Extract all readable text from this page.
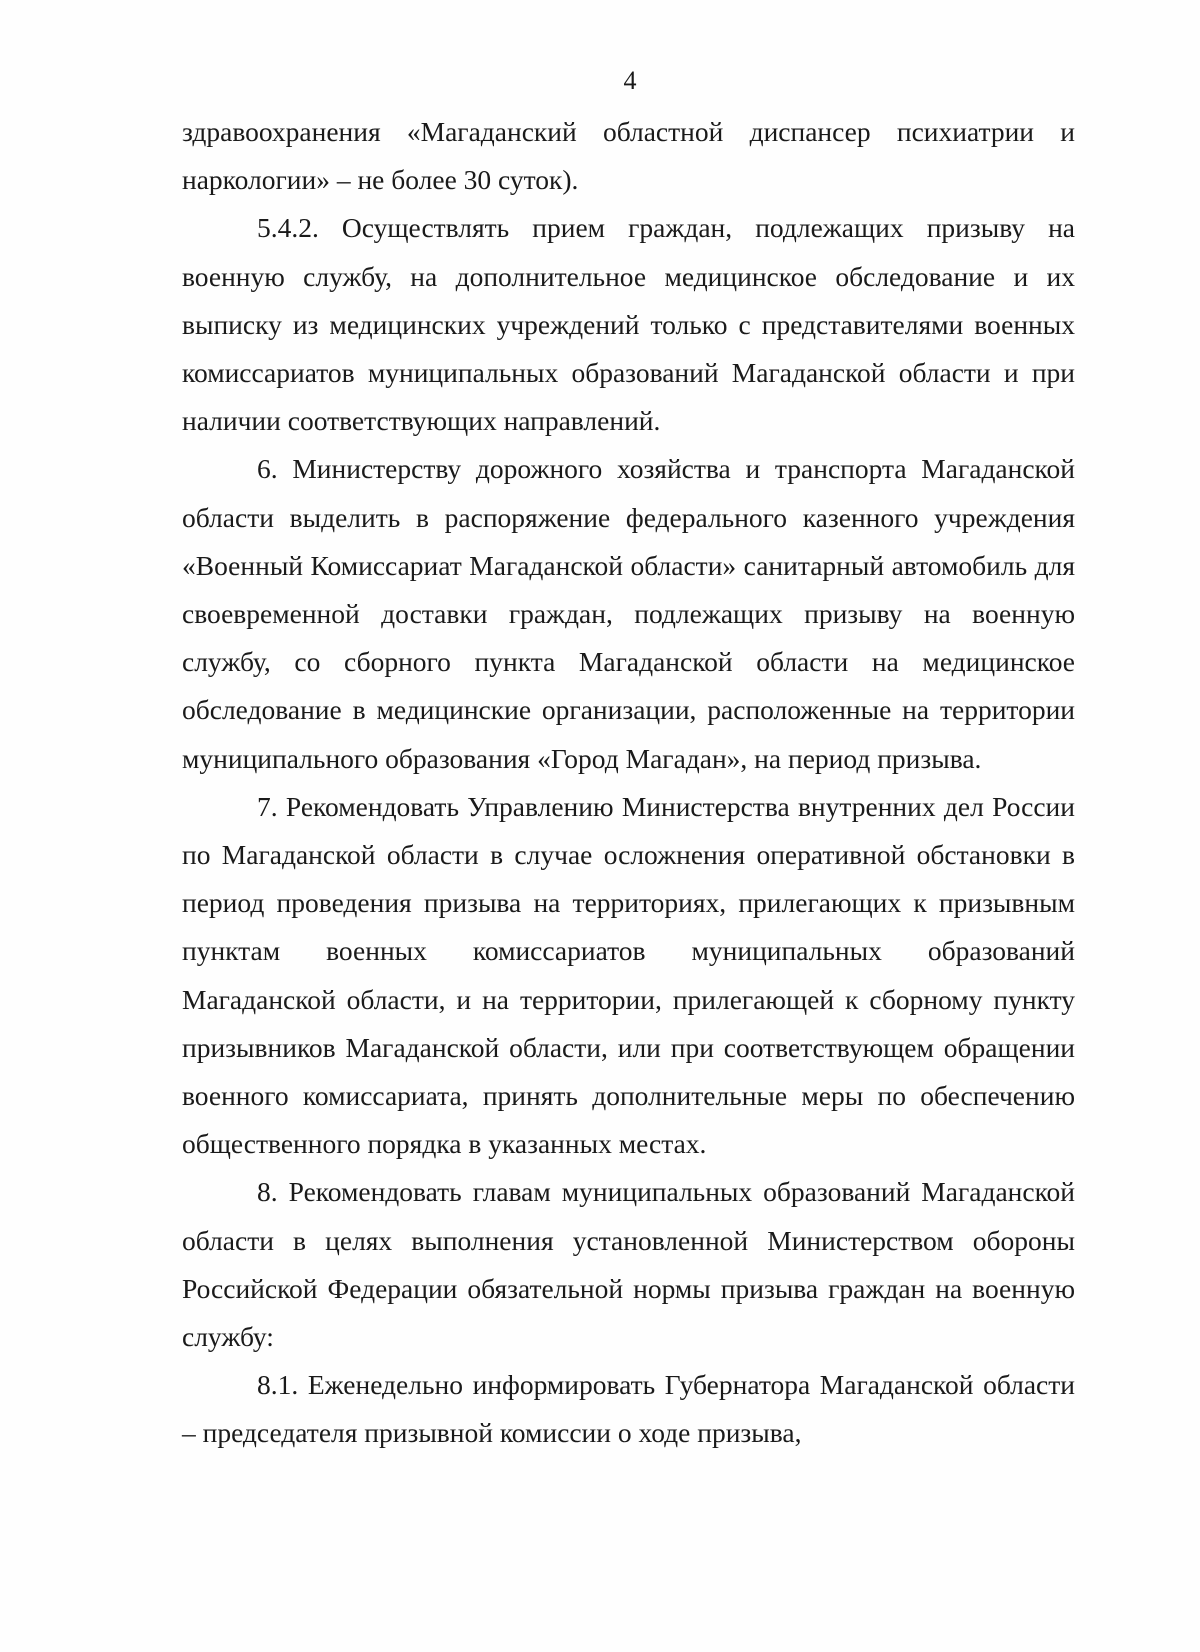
4

здравоохранения «Магаданский областной диспансер психиатрии и наркологии» – не более 30 суток).

5.4.2. Осуществлять прием граждан, подлежащих призыву на военную службу, на дополнительное медицинское обследование и их выписку из медицинских учреждений только с представителями военных комиссариатов муниципальных образований Магаданской области и при наличии соответствующих направлений.

6. Министерству дорожного хозяйства и транспорта Магаданской области выделить в распоряжение федерального казенного учреждения «Военный Комиссариат Магаданской области» санитарный автомобиль для своевременной доставки граждан, подлежащих призыву на военную службу, со сборного пункта Магаданской области на медицинское обследование в медицинские организации, расположенные на территории муниципального образования «Город Магадан», на период призыва.

7. Рекомендовать Управлению Министерства внутренних дел России по Магаданской области в случае осложнения оперативной обстановки в период проведения призыва на территориях, прилегающих к призывным пунктам военных комиссариатов муниципальных образований Магаданской области, и на территории, прилегающей к сборному пункту призывников Магаданской области, или при соответствующем обращении военного комиссариата, принять дополнительные меры по обеспечению общественного порядка в указанных местах.

8. Рекомендовать главам муниципальных образований Магаданской области в целях выполнения установленной Министерством обороны Российской Федерации обязательной нормы призыва граждан на военную службу:

8.1. Еженедельно информировать Губернатора Магаданской области – председателя призывной комиссии о ходе призыва,
